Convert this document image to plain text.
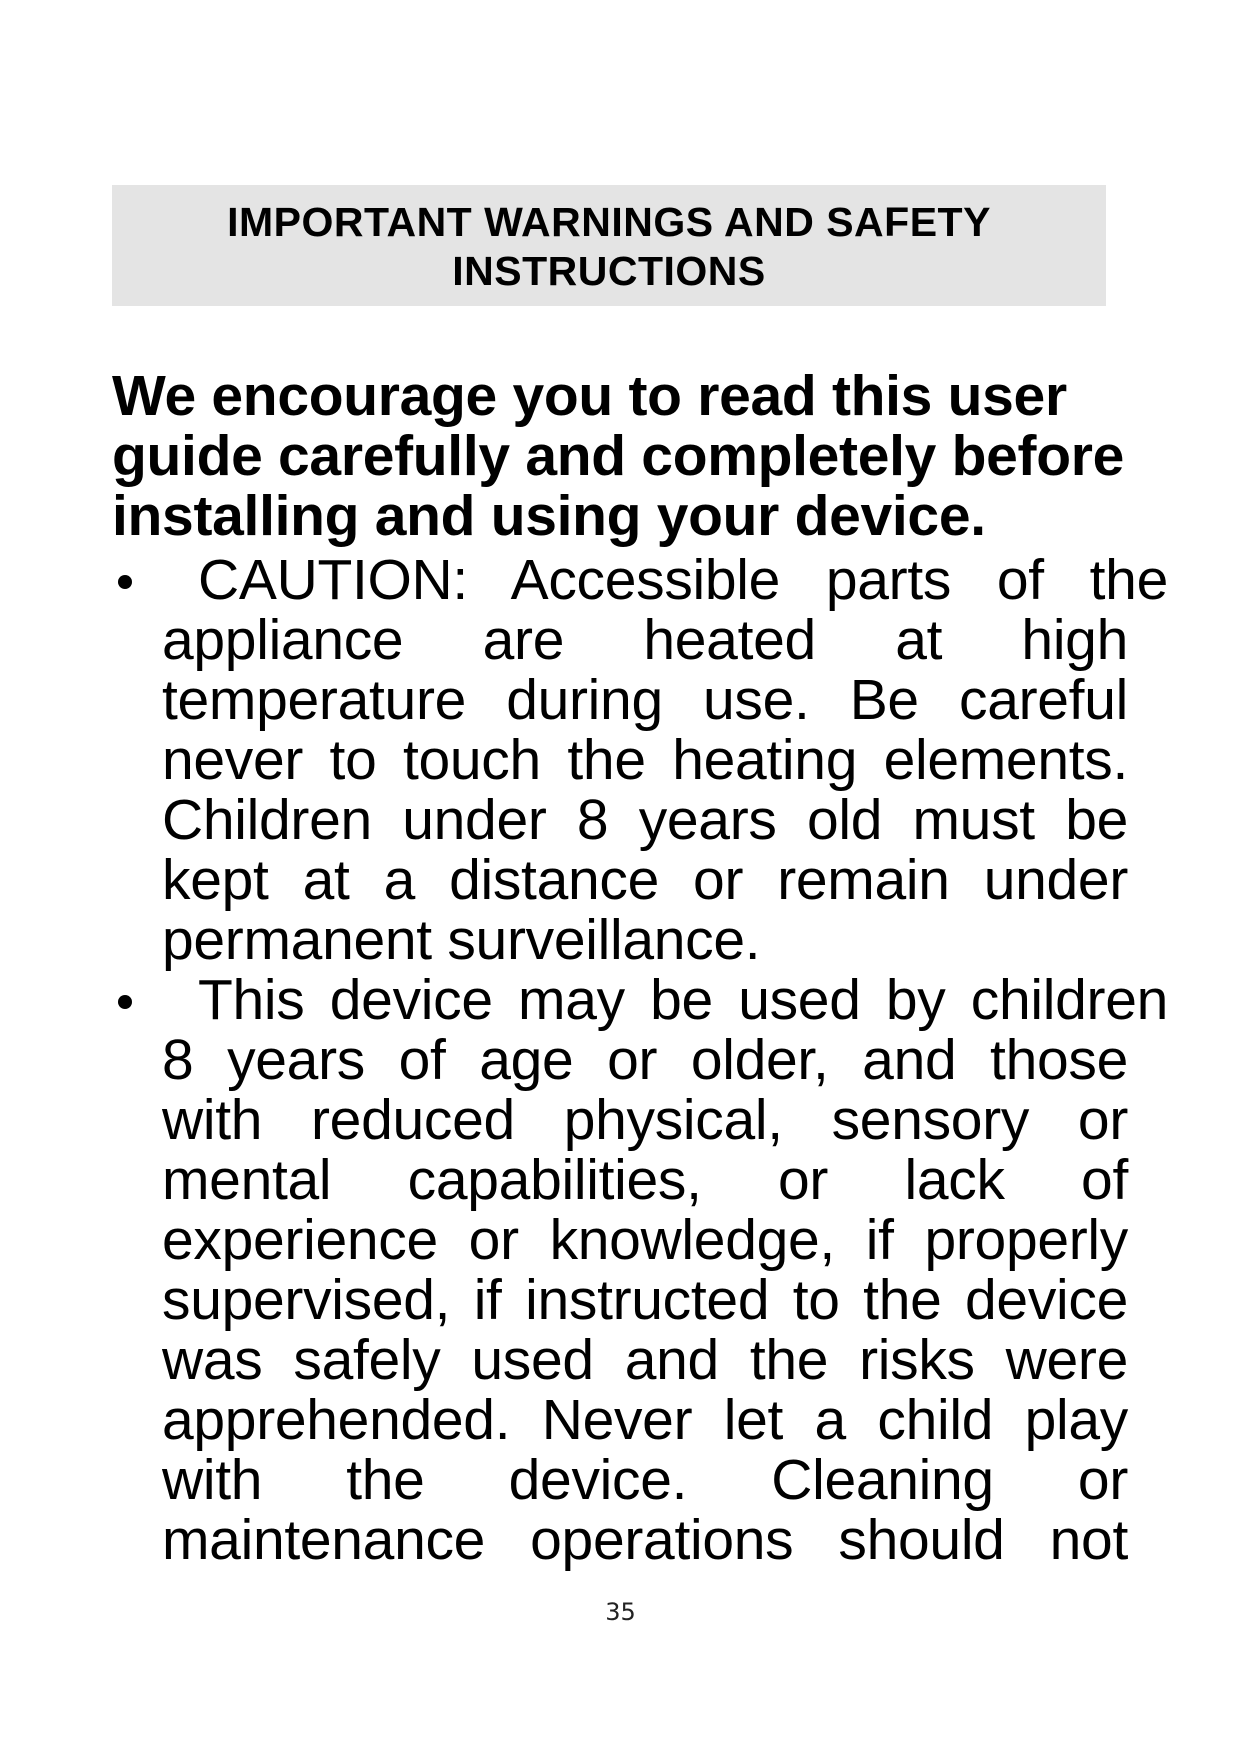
IMPORTANT WARNINGS AND SAFETY
INSTRUCTIONS
We encourage you to read this user
guide carefully and completely before
installing and using your device.
CAUTION: Accessible parts of the
appliance are heated at high
temperature during use. Be careful
never to touch the heating elements.
Children under 8 years old must be
kept at a distance or remain under
permanent surveillance.
This device may be used by children
8 years of age or older, and those
with reduced physical, sensory or
mental capabilities, or lack of
experience or knowledge, if properly
supervised, if instructed to the device
was safely used and the risks were
apprehended. Never let a child play
with the device. Cleaning or
maintenance operations should not
35
